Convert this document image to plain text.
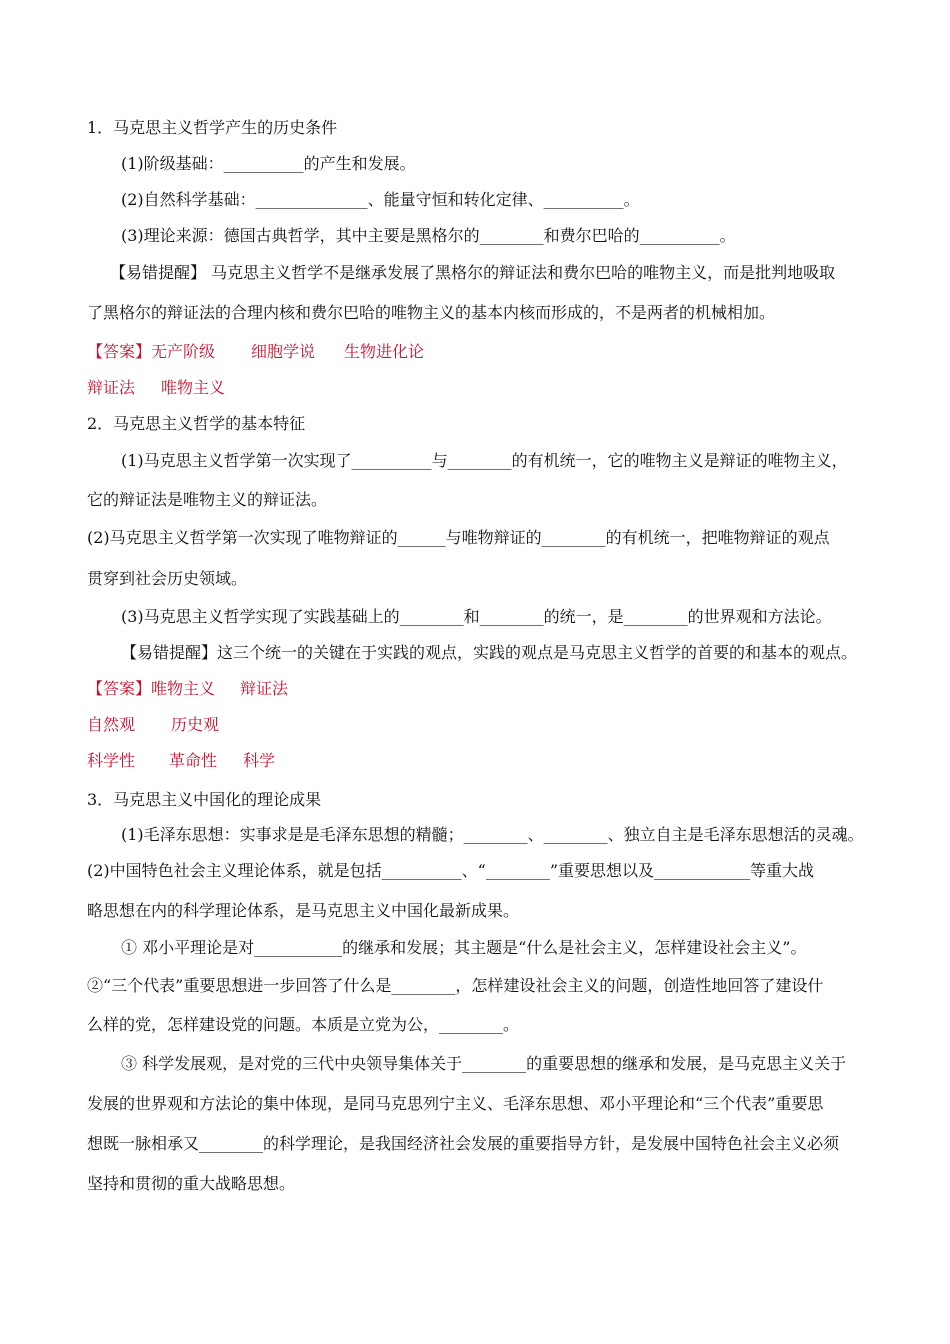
1．马克思主义哲学产生的历史条件
(1)阶级基础：__________的产生和发展。
(2)自然科学基础：______________、能量守恒和转化定律、__________。
(3)理论来源：德国古典哲学，其中主要是黑格尔的________和费尔巴哈的__________。
【易错提醒】 马克思主义哲学不是继承发展了黑格尔的辩证法和费尔巴哈的唯物主义，而是批判地吸取
了黑格尔的辩证法的合理内核和费尔巴哈的唯物主义的基本内核而形成的，不是两者的机械相加。
【答案】无产阶级 细胞学说 生物进化论
辩证法 唯物主义
2．马克思主义哲学的基本特征
(1)马克思主义哲学第一次实现了__________与________的有机统一，它的唯物主义是辩证的唯物主义，
它的辩证法是唯物主义的辩证法。
(2)马克思主义哲学第一次实现了唯物辩证的______与唯物辩证的________的有机统一，把唯物辩证的观点
贯穿到社会历史领域。
(3)马克思主义哲学实现了实践基础上的________和________的统一，是________的世界观和方法论。
【易错提醒】这三个统一的关键在于实践的观点，实践的观点是马克思主义哲学的首要的和基本的观点。
【答案】唯物主义 辩证法
自然观 历史观
科学性 革命性 科学
3．马克思主义中国化的理论成果
(1)毛泽东思想：实事求是是毛泽东思想的精髓；________、________、独立自主是毛泽东思想活的灵魂。
(2)中国特色社会主义理论体系，就是包括__________、“________”重要思想以及____________等重大战
略思想在内的科学理论体系，是马克思主义中国化最新成果。
① 邓小平理论是对___________的继承和发展；其主题是“什么是社会主义，怎样建设社会主义”。
②“三个代表”重要思想进一步回答了什么是________，怎样建设社会主义的问题，创造性地回答了建设什
么样的党，怎样建设党的问题。本质是立党为公，________。
③ 科学发展观，是对党的三代中央领导集体关于________的重要思想的继承和发展，是马克思主义关于
发展的世界观和方法论的集中体现，是同马克思列宁主义、毛泽东思想、邓小平理论和“三个代表”重要思
想既一脉相承又________的科学理论，是我国经济社会发展的重要指导方针，是发展中国特色社会主义必须
坚持和贯彻的重大战略思想。
